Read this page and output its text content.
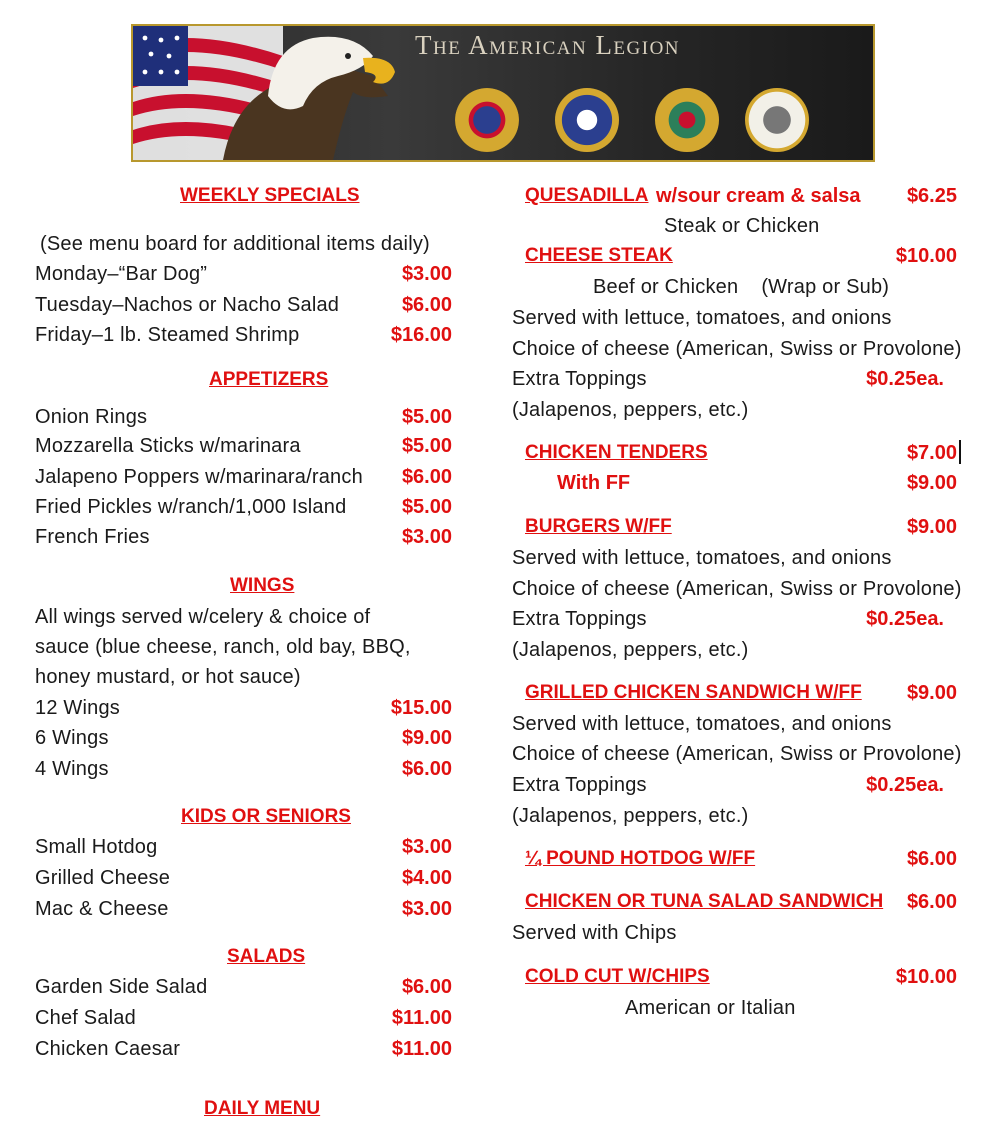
The American Legion
WEEKLY SPECIALS
(See menu board for additional items daily)
Monday–“Bar Dog”	$3.00
Tuesday–Nachos or Nacho Salad	$6.00
Friday–1 lb. Steamed Shrimp	$16.00
APPETIZERS
Onion Rings	$5.00
Mozzarella Sticks w/marinara	$5.00
Jalapeno Poppers w/marinara/ranch $6.00
Fried Pickles w/ranch/1,000 Island	$5.00
French Fries	$3.00
WINGS
All wings served w/celery & choice of
sauce (blue cheese, ranch, old bay, BBQ,
honey mustard, or hot sauce)
12 Wings	$15.00
6 Wings	$9.00
4 Wings	$6.00
KIDS OR SENIORS
Small Hotdog	$3.00
Grilled Cheese	$4.00
Mac & Cheese	$3.00
SALADS
Garden Side Salad	$6.00
Chef Salad	$11.00
Chicken Caesar	$11.00
DAILY MENU
QUESADILLA w/sour cream & salsa $6.25
Steak or Chicken
CHEESE STEAK	$10.00
Beef or Chicken    (Wrap or Sub)
Served with lettuce, tomatoes, and onions
Choice of cheese (American, Swiss or Provolone)
Extra Toppings	$0.25ea.
(Jalapenos, peppers, etc.)
CHICKEN TENDERS	$7.00
With FF	$9.00
BURGERS W/FF	$9.00
Served with lettuce, tomatoes, and onions
Choice of cheese (American, Swiss or Provolone)
Extra Toppings	$0.25ea.
(Jalapenos, peppers, etc.)
GRILLED CHICKEN SANDWICH W/FF $9.00
Served with lettuce, tomatoes, and onions
Choice of cheese (American, Swiss or Provolone)
Extra Toppings	$0.25ea.
(Jalapenos, peppers, etc.)
¼ POUND HOTDOG W/FF	$6.00
CHICKEN OR TUNA SALAD SANDWICH $6.00
Served with Chips
COLD CUT W/CHIPS	$10.00
American or Italian
